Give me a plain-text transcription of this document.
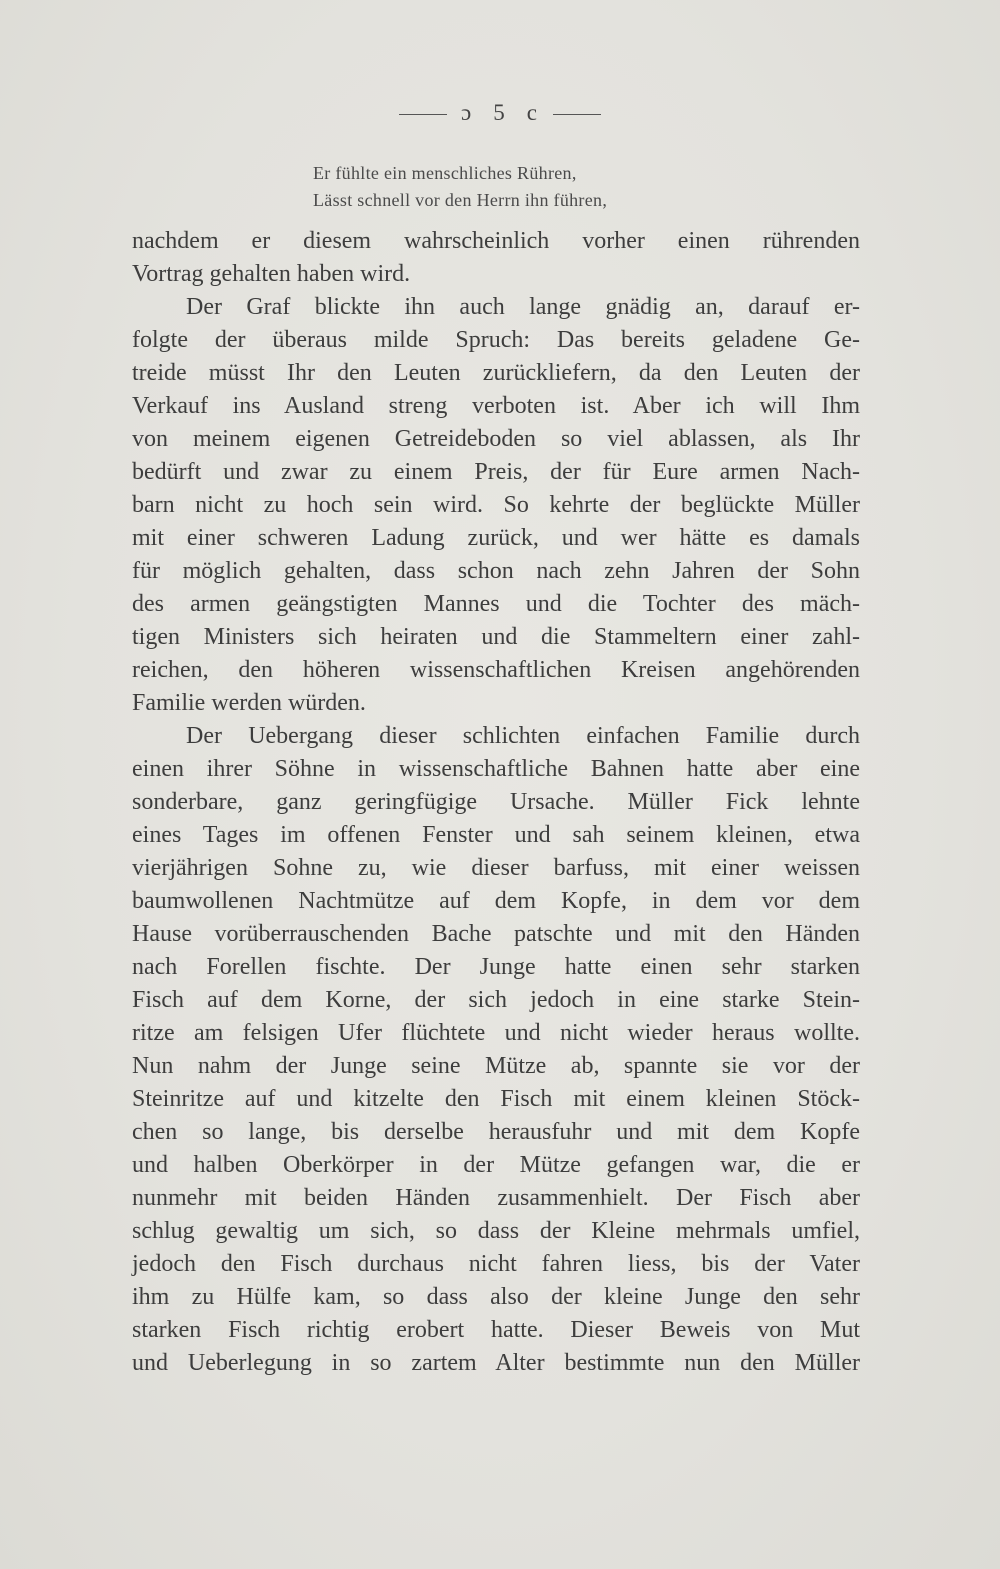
ɔ 5 c
Er fühlte ein menschliches Rühren,
Lässt schnell vor den Herrn ihn führen,
nachdem er diesem wahrscheinlich vorher einen rührenden
Vortrag gehalten haben wird.
Der Graf blickte ihn auch lange gnädig an, darauf er-
folgte der überaus milde Spruch: Das bereits geladene Ge-
treide müsst Ihr den Leuten zurückliefern, da den Leuten der
Verkauf ins Ausland streng verboten ist. Aber ich will Ihm
von meinem eigenen Getreideboden so viel ablassen, als Ihr
bedürft und zwar zu einem Preis, der für Eure armen Nach-
barn nicht zu hoch sein wird. So kehrte der beglückte Müller
mit einer schweren Ladung zurück, und wer hätte es damals
für möglich gehalten, dass schon nach zehn Jahren der Sohn
des armen geängstigten Mannes und die Tochter des mäch-
tigen Ministers sich heiraten und die Stammeltern einer zahl-
reichen, den höheren wissenschaftlichen Kreisen angehörenden
Familie werden würden.
Der Uebergang dieser schlichten einfachen Familie durch
einen ihrer Söhne in wissenschaftliche Bahnen hatte aber eine
sonderbare, ganz geringfügige Ursache. Müller Fick lehnte
eines Tages im offenen Fenster und sah seinem kleinen, etwa
vierjährigen Sohne zu, wie dieser barfuss, mit einer weissen
baumwollenen Nachtmütze auf dem Kopfe, in dem vor dem
Hause vorüberrauschenden Bache patschte und mit den Händen
nach Forellen fischte. Der Junge hatte einen sehr starken
Fisch auf dem Korne, der sich jedoch in eine starke Stein-
ritze am felsigen Ufer flüchtete und nicht wieder heraus wollte.
Nun nahm der Junge seine Mütze ab, spannte sie vor der
Steinritze auf und kitzelte den Fisch mit einem kleinen Stöck-
chen so lange, bis derselbe herausfuhr und mit dem Kopfe
und halben Oberkörper in der Mütze gefangen war, die er
nunmehr mit beiden Händen zusammenhielt. Der Fisch aber
schlug gewaltig um sich, so dass der Kleine mehrmals umfiel,
jedoch den Fisch durchaus nicht fahren liess, bis der Vater
ihm zu Hülfe kam, so dass also der kleine Junge den sehr
starken Fisch richtig erobert hatte. Dieser Beweis von Mut
und Ueberlegung in so zartem Alter bestimmte nun den Müller
